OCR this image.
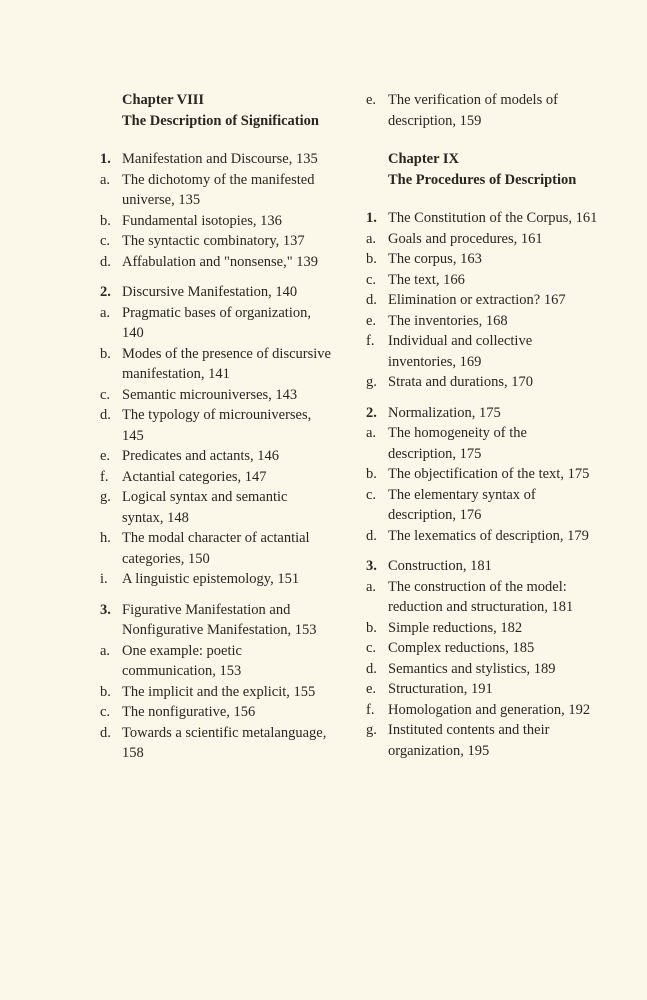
Chapter VIII
The Description of Signification
1. Manifestation and Discourse, 135
a. The dichotomy of the manifested universe, 135
b. Fundamental isotopies, 136
c. The syntactic combinatory, 137
d. Affabulation and "nonsense," 139
2. Discursive Manifestation, 140
a. Pragmatic bases of organization, 140
b. Modes of the presence of discursive manifestation, 141
c. Semantic microuniverses, 143
d. The typology of microuniverses, 145
e. Predicates and actants, 146
f. Actantial categories, 147
g. Logical syntax and semantic syntax, 148
h. The modal character of actantial categories, 150
i. A linguistic epistemology, 151
3. Figurative Manifestation and Nonfigurative Manifestation, 153
a. One example: poetic communication, 153
b. The implicit and the explicit, 155
c. The nonfigurative, 156
d. Towards a scientific metalanguage, 158
e. The verification of models of description, 159
Chapter IX
The Procedures of Description
1. The Constitution of the Corpus, 161
a. Goals and procedures, 161
b. The corpus, 163
c. The text, 166
d. Elimination or extraction? 167
e. The inventories, 168
f. Individual and collective inventories, 169
g. Strata and durations, 170
2. Normalization, 175
a. The homogeneity of the description, 175
b. The objectification of the text, 175
c. The elementary syntax of description, 176
d. The lexematics of description, 179
3. Construction, 181
a. The construction of the model: reduction and structuration, 181
b. Simple reductions, 182
c. Complex reductions, 185
d. Semantics and stylistics, 189
e. Structuration, 191
f. Homologation and generation, 192
g. Instituted contents and their organization, 195
